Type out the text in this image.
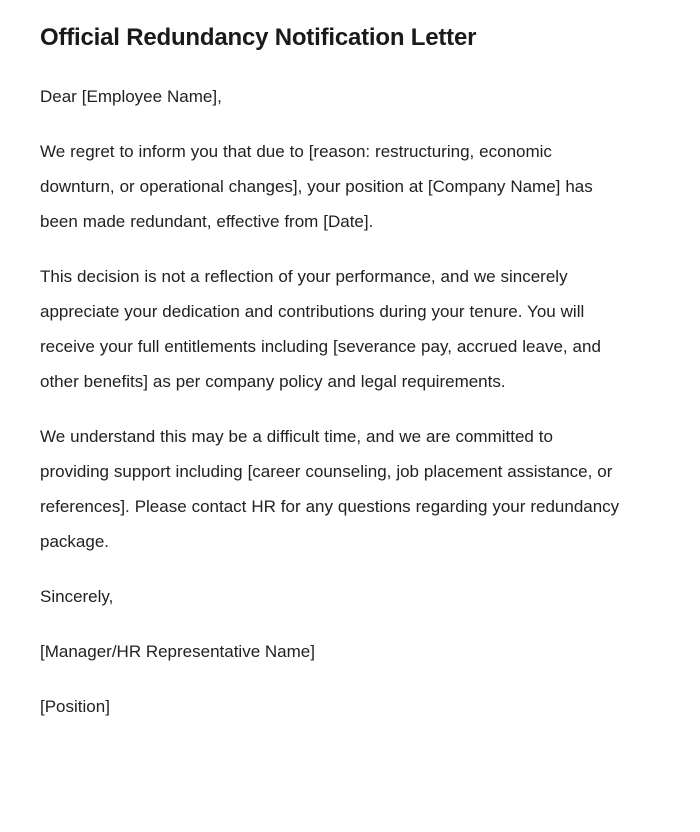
Official Redundancy Notification Letter

Dear [Employee Name],

We regret to inform you that due to [reason: restructuring, economic downturn, or operational changes], your position at [Company Name] has been made redundant, effective from [Date].

This decision is not a reflection of your performance, and we sincerely appreciate your dedication and contributions during your tenure. You will receive your full entitlements including [severance pay, accrued leave, and other benefits] as per company policy and legal requirements.

We understand this may be a difficult time, and we are committed to providing support including [career counseling, job placement assistance, or references]. Please contact HR for any questions regarding your redundancy package.

Sincerely,

[Manager/HR Representative Name]

[Position]
